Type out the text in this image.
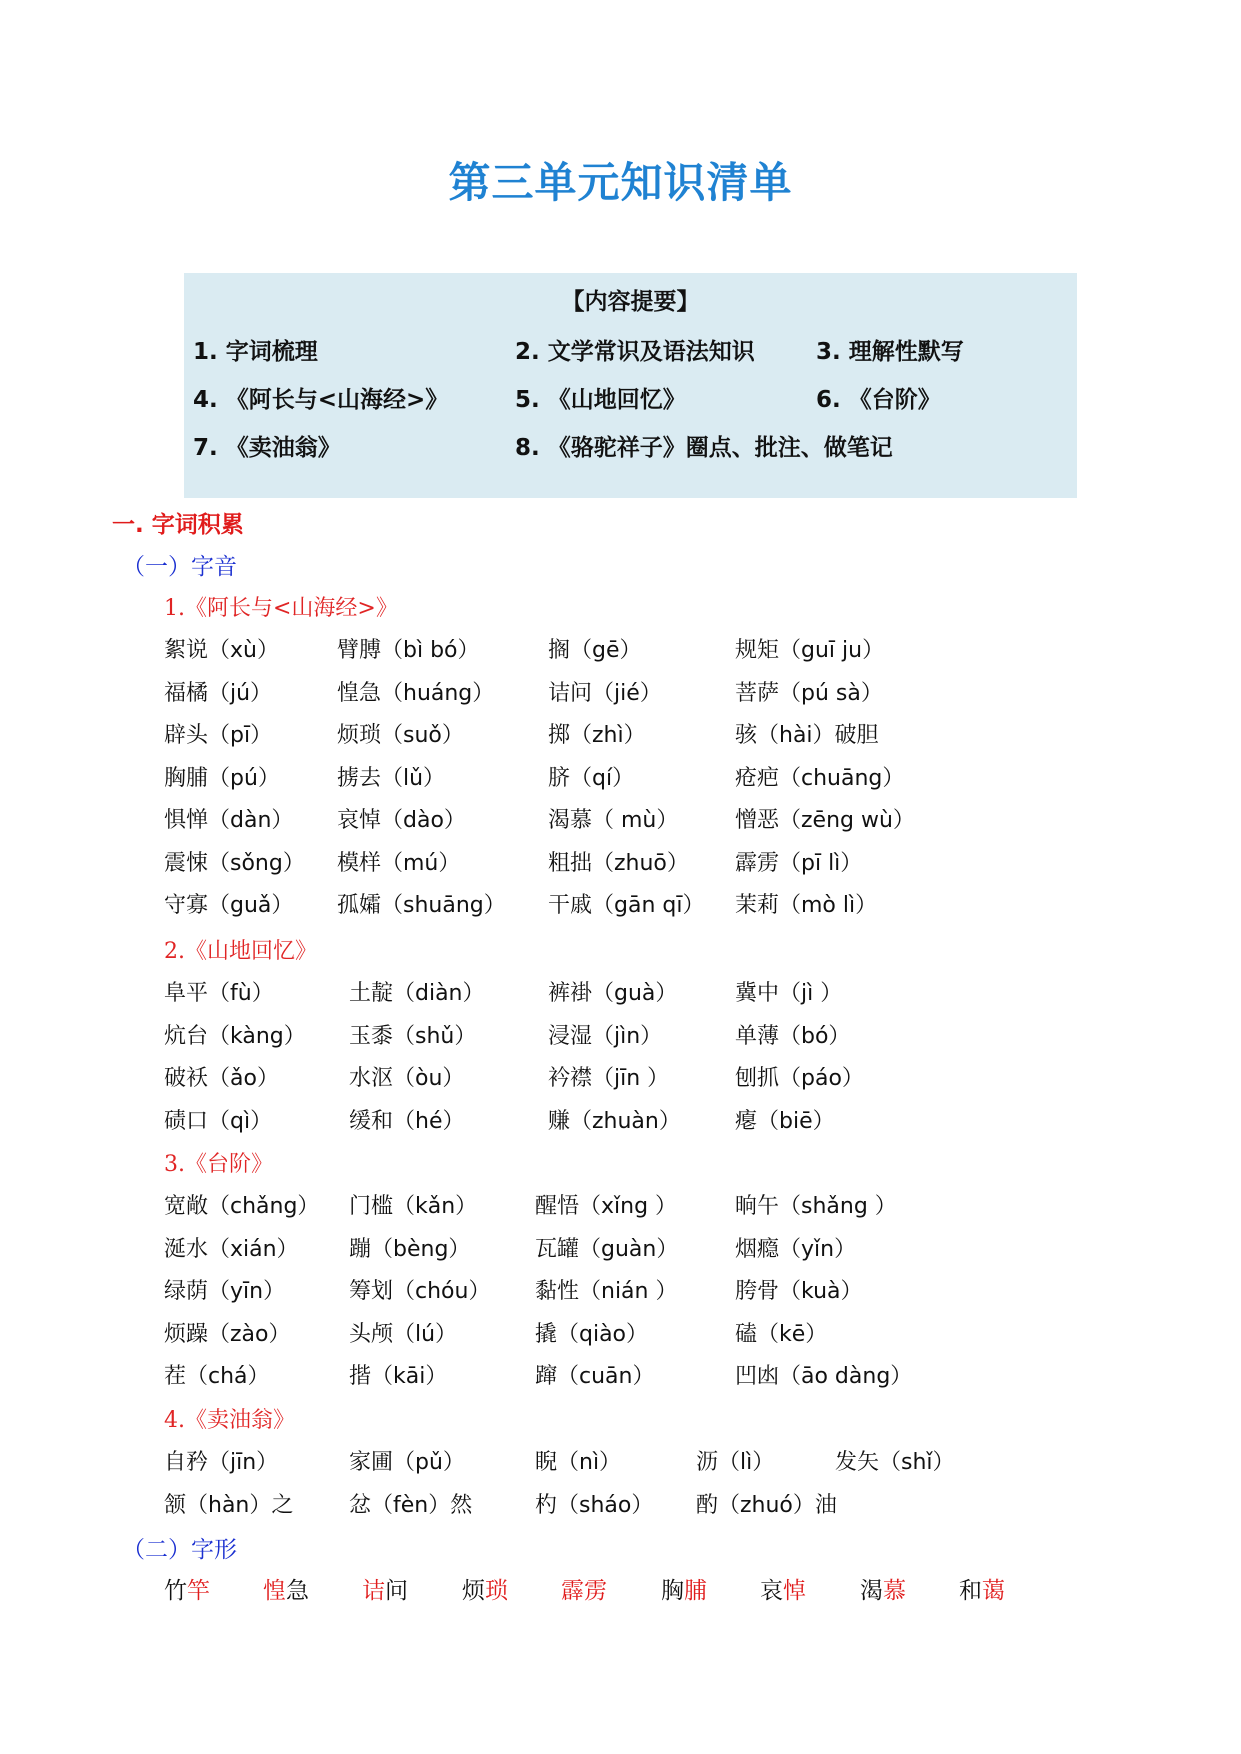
第三单元知识清单
【内容提要】
1. 字词梳理	2. 文学常识及语法知识	3. 理解性默写
4. 《阿长与<山海经>》	5. 《山地回忆》	6. 《台阶》
7. 《卖油翁》	8. 《骆驼祥子》圈点、批注、做笔记
一. 字词积累
（一）字音
1.《阿长与<山海经>》
絮说（xù）	臂膊（bì bó）	搁（gē）	规矩（guī ju）
福橘（jú）	惶急（huáng） 诘问（jié）	菩萨（pú sà）
辟头（pī）	烦琐（suǒ）	掷（zhì）	骇（hài）破胆
胸脯（pú）	掳去（lǔ）	脐（qí）	疮疤（chuāng）
惧惮（dàn） 哀悼（dào）	渴慕（ mù）	憎恶（zēng wù）
震悚（sǒng） 模样（mú）	粗拙（zhuō） 霹雳（pī lì）
守寡（guǎ） 孤孀（shuāng） 干戚（gān qī） 茉莉（mò lì）
2.《山地回忆》
阜平（fù）	土靛（diàn）	裤褂（guà）	冀中（jì ）
炕台（kàng） 玉黍（shǔ）	浸湿（jìn）	单薄（bó）
破袄（ǎo）	水沤（òu）	衿襟（jīn ）	刨抓（páo）
碛口（qì）	缓和（hé）	赚（zhuàn） 瘪（biē）
3.《台阶》
宽敞（chǎng） 门槛（kǎn）	醒悟（xǐng ）	晌午（shǎng ）
涎水（xián） 蹦（bèng）	瓦罐（guàn）	烟瘾（yǐn）
绿荫（yīn）	筹划（chóu） 黏性（nián ）	胯骨（kuà）
烦躁（zào）	头颅（lú）	撬（qiào）	磕（kē）
茬（chá）	揩（kāi）	蹿（cuān）	凹凼（āo dàng）
4.《卖油翁》
自矜（jīn）	家圃（pǔ）	睨（nì）	沥（lì）	发矢（shǐ）
颔（hàn）之	忿（fèn）然	杓（sháo） 酌（zhuó）油
（二）字形
竹竿 惶急 诘问 烦琐 霹雳 胸脯 哀悼 渴慕 和蔼
